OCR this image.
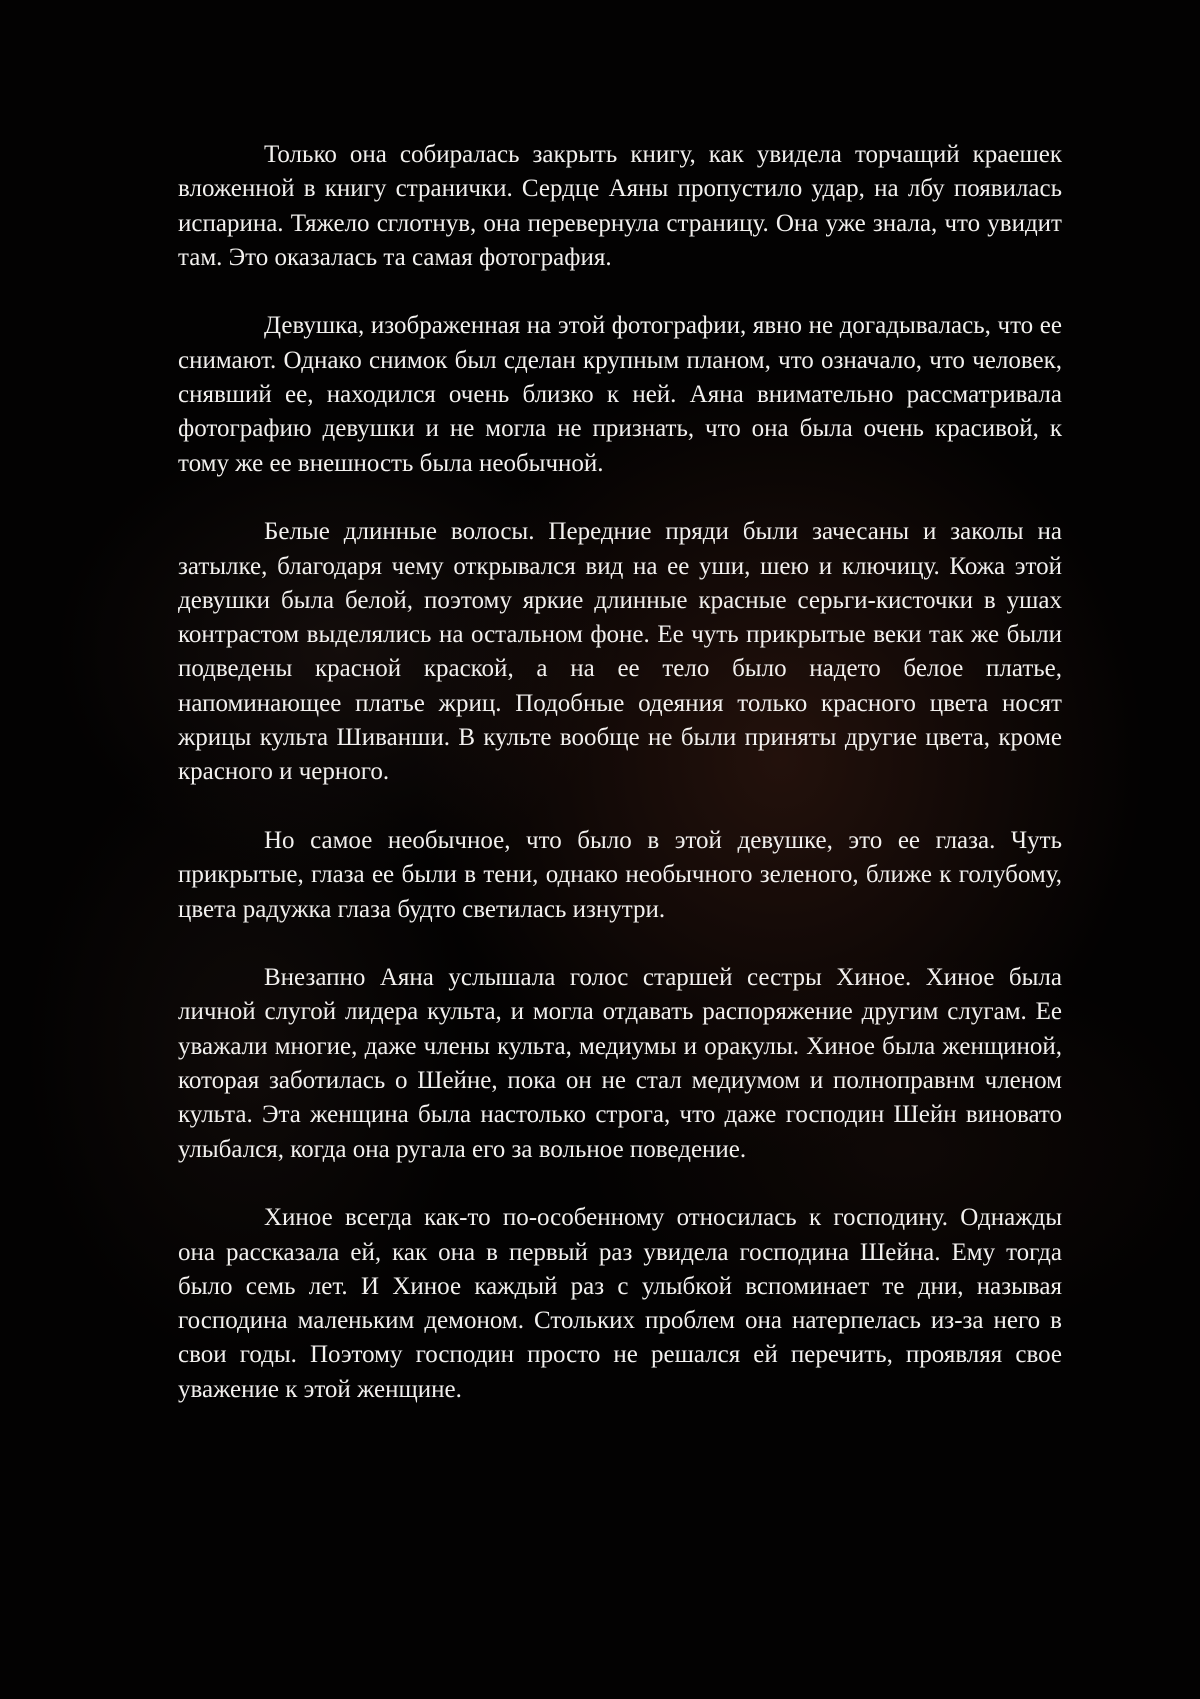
Только она собиралась закрыть книгу, как увидела торчащий краешек вложенной в книгу странички. Сердце Аяны пропустило удар, на лбу появилась испарина. Тяжело сглотнув, она перевернула страницу. Она уже знала, что увидит там. Это оказалась та самая фотография.

Девушка, изображенная на этой фотографии, явно не догадывалась, что ее снимают. Однако снимок был сделан крупным планом, что означало, что человек, снявший ее, находился очень близко к ней. Аяна внимательно рассматривала фотографию девушки и не могла не признать, что она была очень красивой, к тому же ее внешность была необычной.

Белые длинные волосы. Передние пряди были зачесаны и заколы на затылке, благодаря чему открывался вид на ее уши, шею и ключицу. Кожа этой девушки была белой, поэтому яркие длинные красные серьги-кисточки в ушах контрастом выделялись на остальном фоне. Ее чуть прикрытые веки так же были подведены красной краской, а на ее тело было надето белое платье, напоминающее платье жриц. Подобные одеяния только красного цвета носят жрицы культа Шиванши. В культе вообще не были приняты другие цвета, кроме красного и черного.

Но самое необычное, что было в этой девушке, это ее глаза. Чуть прикрытые, глаза ее были в тени, однако необычного зеленого, ближе к голубому, цвета радужка глаза будто светилась изнутри.

Внезапно Аяна услышала голос старшей сестры Хиное. Хиное была личной слугой лидера культа, и могла отдавать распоряжение другим слугам. Ее уважали многие, даже члены культа, медиумы и оракулы. Хиное была женщиной, которая заботилась о Шейне, пока он не стал медиумом и полноправнм членом культа. Эта женщина была настолько строга, что даже господин Шейн виновато улыбался, когда она ругала его за вольное поведение.

Хиное всегда как-то по-особенному относилась к господину. Однажды она рассказала ей, как она в первый раз увидела господина Шейна. Ему тогда было семь лет. И Хиное каждый раз с улыбкой вспоминает те дни, называя господина маленьким демоном. Стольких проблем она натерпелась из-за него в свои годы. Поэтому господин просто не решался ей перечить, проявляя свое уважение к этой женщине.
